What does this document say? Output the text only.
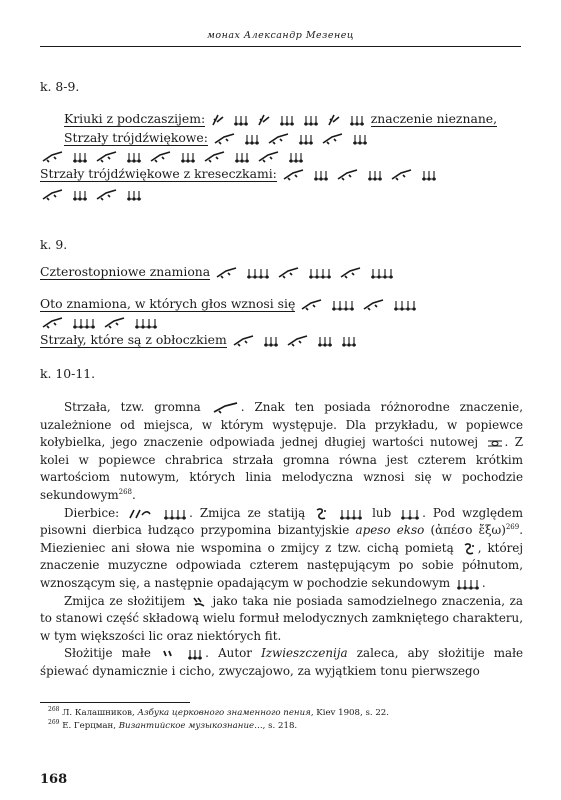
монах Александр Мезенец
k. 8-9.
Kriuki z podczaszijem:

	znaczenie nieznane,
Strzały trójdźwiękowe:

Strzały trójdźwiękowe z kreseczkami:

k. 9.
Czterostopniowe znamiona

Oto znamiona, w których głos wznosi się

Strzały, które są z obłoczkiem

k. 10-11.

Strzała, tzw. gromna	. Znak ten posiada różnorodne znaczenie, uzależnione od miejsca, w którym występuje. Dla przykładu, w popiewce kołybielka, jego znaczenie odpowiada jednej długiej wartości nutowej . Z kolei w popiewce chrabrica strzała gromna równa jest czterem krótkim wartościom nutowym, których linia melodyczna wznosi się w pochodzie sekundowym$^{268}$.

Dierbice:
	. Zmijca ze statiją
	lub	. Pod względem pisowni dierbica łudząco przypomina bizantyjskie apeso ekso (ἀπέσο ἔξω)$^{269}$. Miezieniec ani słowa nie wspomina o zmijcy z tzw. cichą pomietą , której znaczenie muzyczne odpowiada czterem następującym po sobie półnutom, wznoszącym się, a następnie opadającym w pochodzie sekundowym	.

Zmijca ze słożitijem jako taka nie posiada samodzielnego znaczenia, za to stanowi część składową wielu formuł melodycznych zamkniętego charakteru, w tym większości lic oraz niektórych fit.

Słożitije małe
	. Autor Izwieszczenija zaleca, aby słożitije małe śpiewać dynamicznie i cicho, zwyczajowo, za wyjątkiem tonu pierwszego

$^{268}$ Л. Калашников, Азбука церковного знаменного пения, Kiev 1908, s. 22.
$^{269}$ Е. Герцман, Византийское музыкознание…, s. 218.
168
